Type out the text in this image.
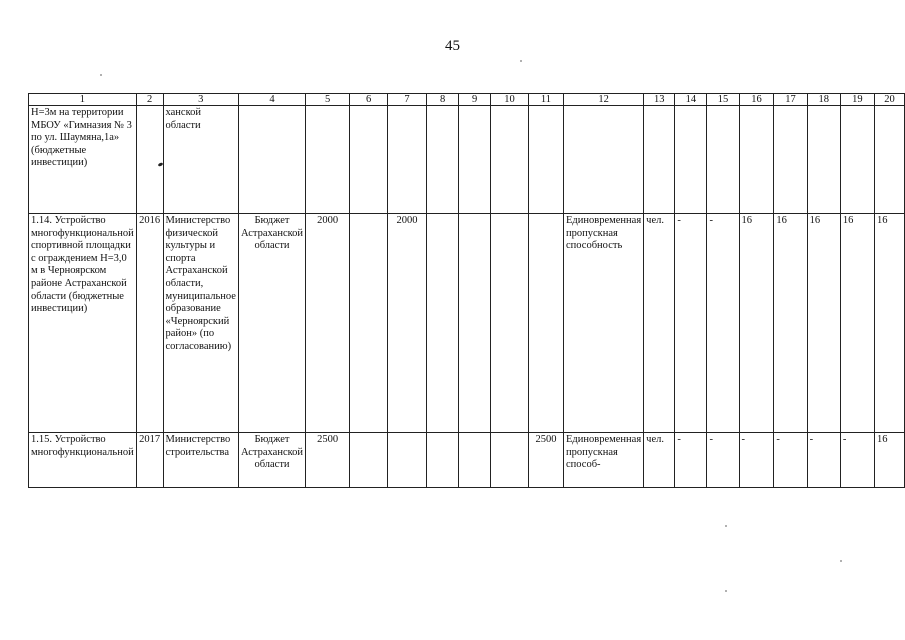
45
1	2	3	4	5	6	7	8	9	10	11	12	13	14	15	16	17	18	19	20
Н=3м на территории МБОУ «Гимназия № 3 по ул. Шаумяна,1а» (бюджетные инвестиции)		ханской области																	
1.14. Устройство многофункциональной спортивной площадки с ограждением Н=3,0 м в Черноярском районе Астраханской области (бюджетные инвестиции)	2016	Министерство физической культуры и спорта Астраханской области, муниципальное образование «Черноярский район» (по согласованию)	Бюджет Астраханской области	2000		2000					Единовременная пропускная способность	чел.	-	-	16	16	16	16	16
1.15. Устройство многофункциональной	2017	Министерство строительства	Бюджет Астраханской области	2500						2500	Единовременная пропускная способ-	чел.	-	-	-	-	-	-	16
